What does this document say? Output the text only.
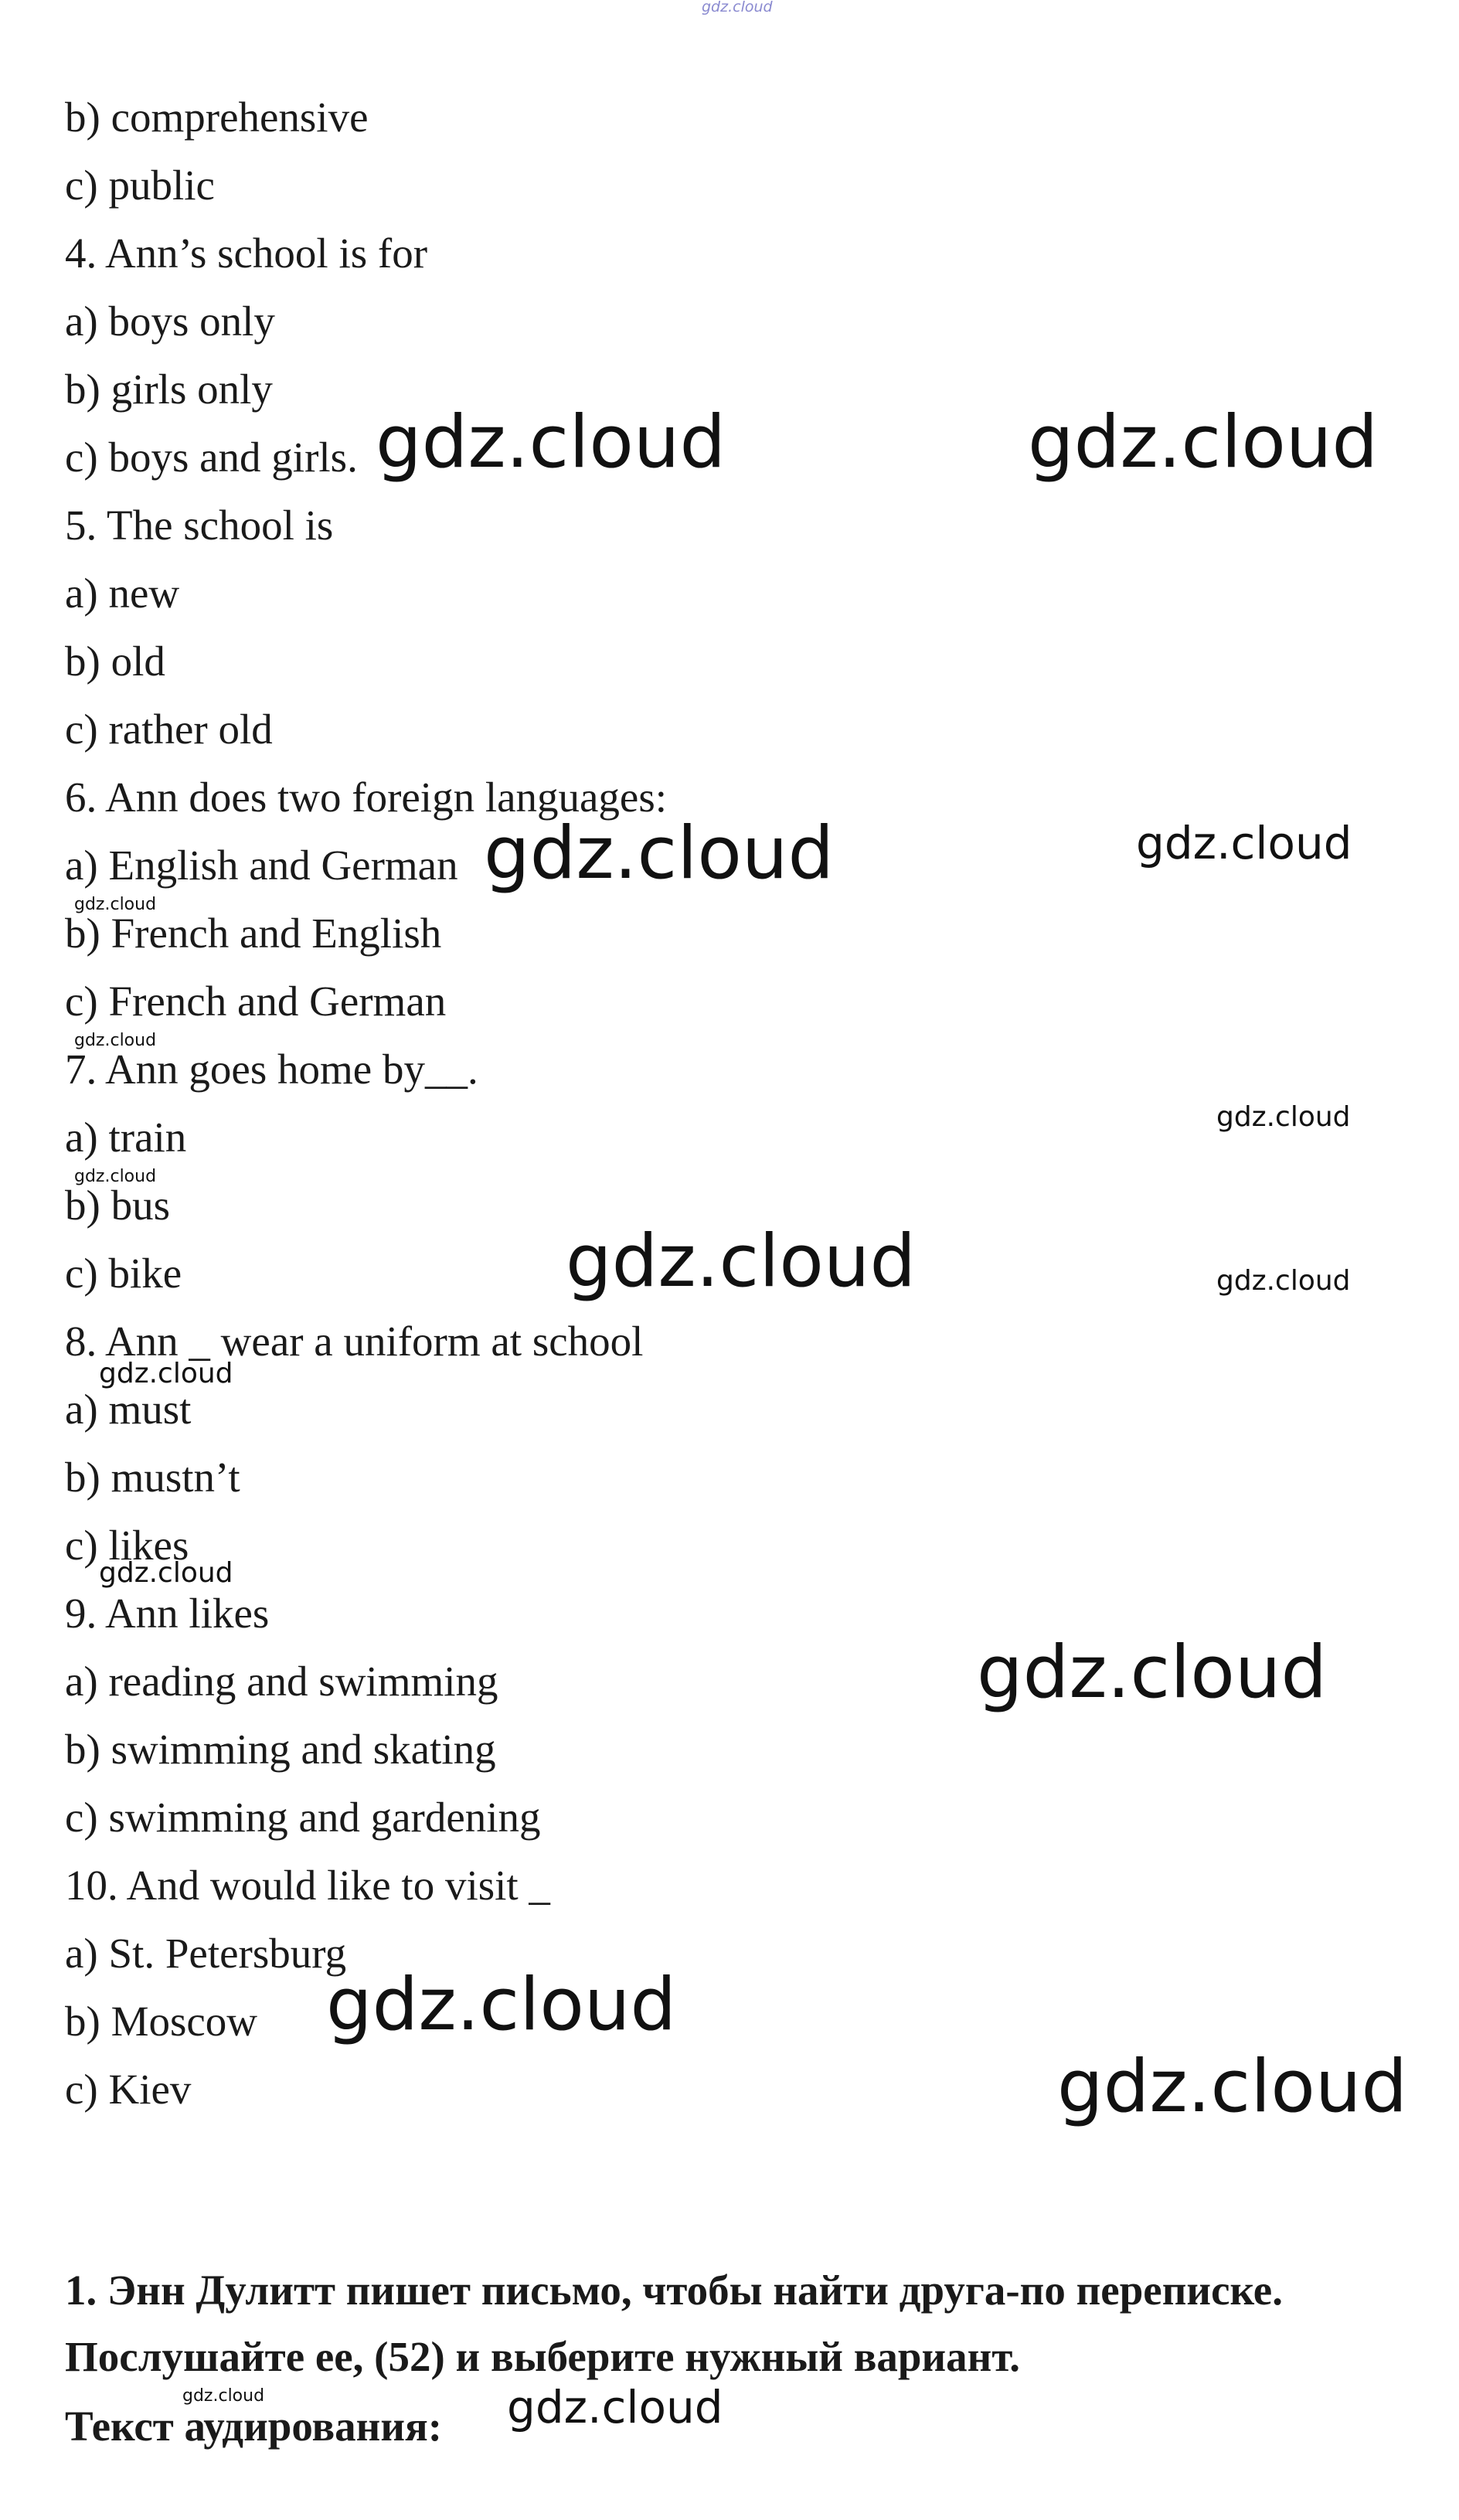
gdz.cloud
b) comprehensive
c) public
4. Ann’s school is for
a) boys only
b) girls only
c) boys and girls.
5. The school is
a) new
b) old
c) rather old
6. Ann does two foreign languages:
a) English and German
b) French and English
c) French and German
7. Ann goes home by__.
a) train
b) bus
c) bike
8. Ann _ wear a uniform at school
a) must
b) mustn’t
c) likes
9. Ann likes
a) reading and swimming
b) swimming and skating
c) swimming and gardening
10. And would like to visit _
a) St. Petersburg
b) Moscow
c) Kiev
1. Энн Дулитт пишет письмо, чтобы найти друга-по переписке.
Послушайте ее, (52) и выберите нужный вариант.
Текст аудирования:
gdz.cloud	gdz.cloud
gdz.cloud	gdz.cloud
gdz.cloud
gdz.cloud
gdz.cloud
gdz.cloud
gdz.cloud	gdz.cloud
gdz.cloud
gdz.cloud
gdz.cloud
gdz.cloud
gdz.cloud
gdz.cloud	gdz.cloud
